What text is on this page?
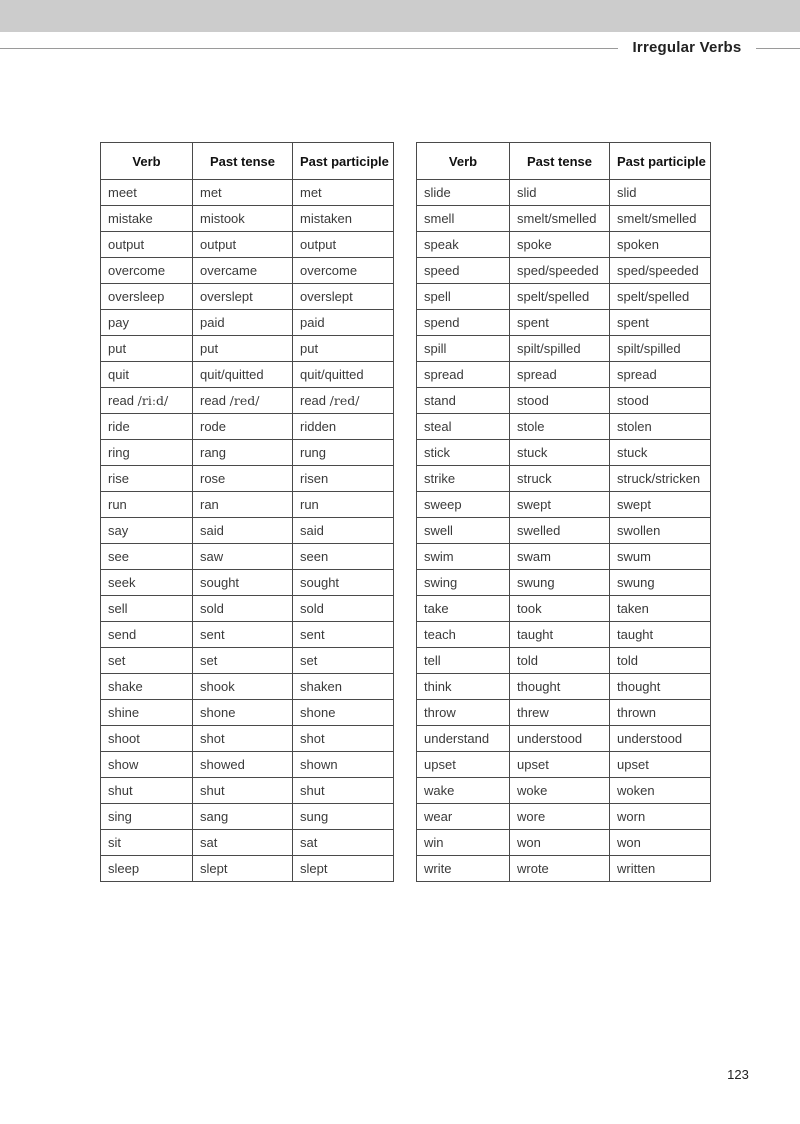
Irregular Verbs
Verb	Past tense	Past participle
meet	met	met
mistake	mistook	mistaken
output	output	output
overcome	overcame	overcome
oversleep	overslept	overslept
pay	paid	paid
put	put	put
quit	quit/quitted	quit/quitted
read /riːd/	read /red/	read /red/
ride	rode	ridden
ring	rang	rung
rise	rose	risen
run	ran	run
say	said	said
see	saw	seen
seek	sought	sought
sell	sold	sold
send	sent	sent
set	set	set
shake	shook	shaken
shine	shone	shone
shoot	shot	shot
show	showed	shown
shut	shut	shut
sing	sang	sung
sit	sat	sat
sleep	slept	slept
Verb	Past tense	Past participle
slide	slid	slid
smell	smelt/smelled	smelt/smelled
speak	spoke	spoken
speed	sped/speeded	sped/speeded
spell	spelt/spelled	spelt/spelled
spend	spent	spent
spill	spilt/spilled	spilt/spilled
spread	spread	spread
stand	stood	stood
steal	stole	stolen
stick	stuck	stuck
strike	struck	struck/stricken
sweep	swept	swept
swell	swelled	swollen
swim	swam	swum
swing	swung	swung
take	took	taken
teach	taught	taught
tell	told	told
think	thought	thought
throw	threw	thrown
understand	understood	understood
upset	upset	upset
wake	woke	woken
wear	wore	worn
win	won	won
write	wrote	written
123
